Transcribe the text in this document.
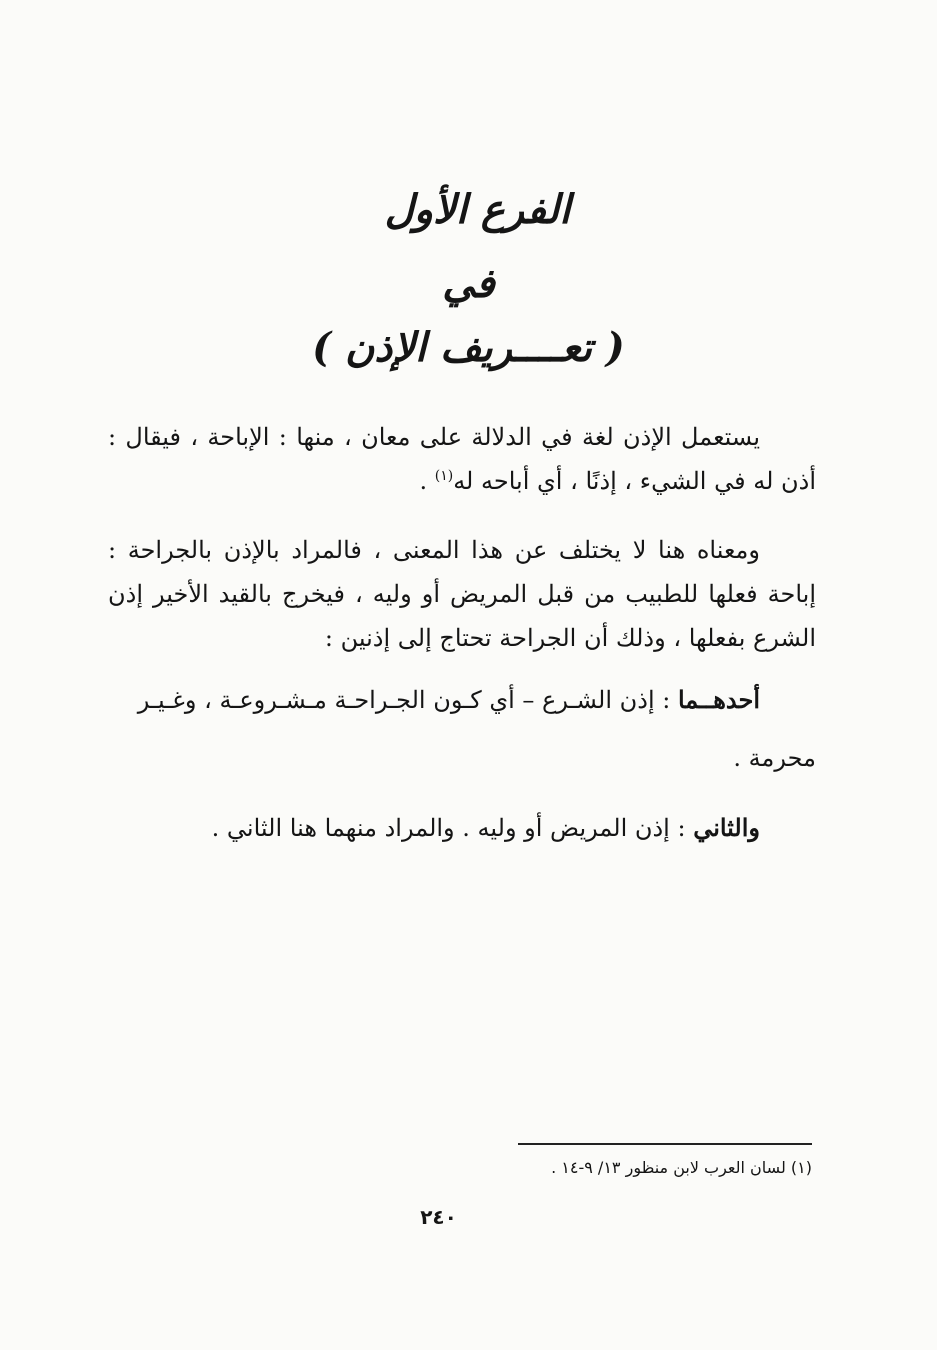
الفرع الأول
في
( تعــــريف الإذن )

يستعمل الإذن لغة في الدلالة على معان ، منها : الإباحة ، فيقال : أذن له في الشيء ، إذنًا ، أي أباحه له$^{(١)}$ .

ومعناه هنا لا يختلف عن هذا المعنى ، فالمراد بالإذن بالجراحة : إباحة فعلها للطبيب من قبل المريض أو وليه ، فيخرج بالقيد الأخير إذن الشرع بفعلها ، وذلك أن الجراحة تحتاج إلى إذنين :

أحدهــما : إذن الشـرع – أي كـون الجـراحـة مـشـروعـة ، وغـيـر

محرمة .

والثاني : إذن المريض أو وليه . والمراد منهما هنا الثاني .

(١) لسان العرب لابن منظور ١٣/ ٩-١٤ .
٢٤٠
